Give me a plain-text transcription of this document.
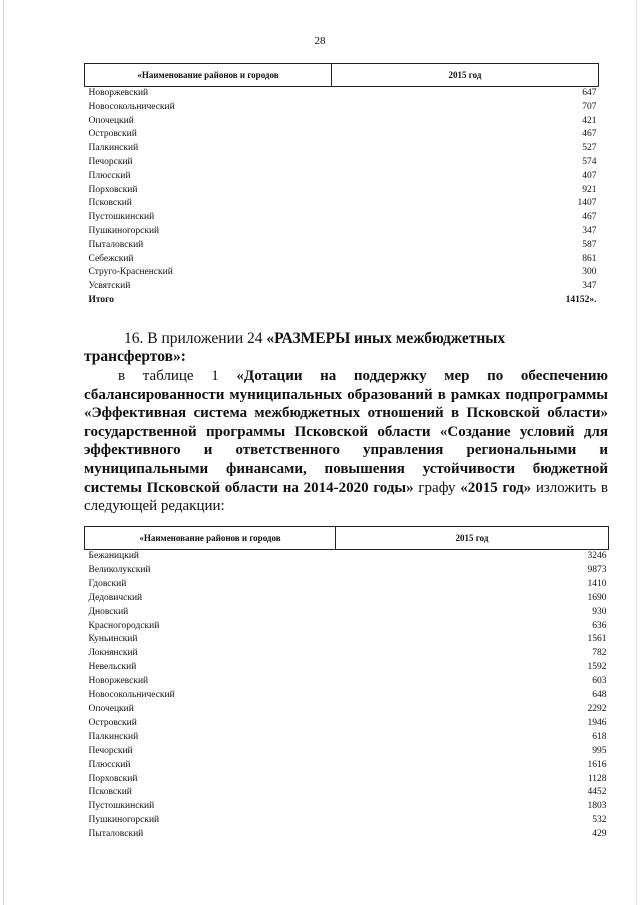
28
«Наименование районов и городов	2015 год
Новоржевский	647
Новосокольнический	707
Опочецкий	421
Островский	467
Палкинский	527
Печорский	574
Плюсский	407
Порховский	921
Псковский	1407
Пустошкинский	467
Пушкиногорский	347
Пыталовский	587
Себежский	861
Струго-Красненский	300
Усвятский	347
Итого	14152».
16. В приложении 24 «РАЗМЕРЫ иных межбюджетных трансфертов»:

в таблице 1 «Дотации на поддержку мер по обеспечению сбалансированности муниципальных образований в рамках подпрограммы «Эффективная система межбюджетных отношений в Псковской области» государственной программы Псковской области «Создание условий для эффективного и ответственного управления региональными и муниципальными финансами, повышения устойчивости бюджетной системы Псковской области на 2014-2020 годы» графу «2015 год» изложить в следующей редакции:

«Наименование районов и городов	2015 год
Бежаницкий	3246
Великолукский	9873
Гдовский	1410
Дедовичский	1690
Дновский	930
Красногородский	636
Куньинский	1561
Локнянский	782
Невельский	1592
Новоржевский	603
Новосокольнический	648
Опочецкий	2292
Островский	1946
Палкинский	618
Печорский	995
Плюсский	1616
Порховский	1128
Псковский	4452
Пустошкинский	1803
Пушкиногорский	532
Пыталовский	429
